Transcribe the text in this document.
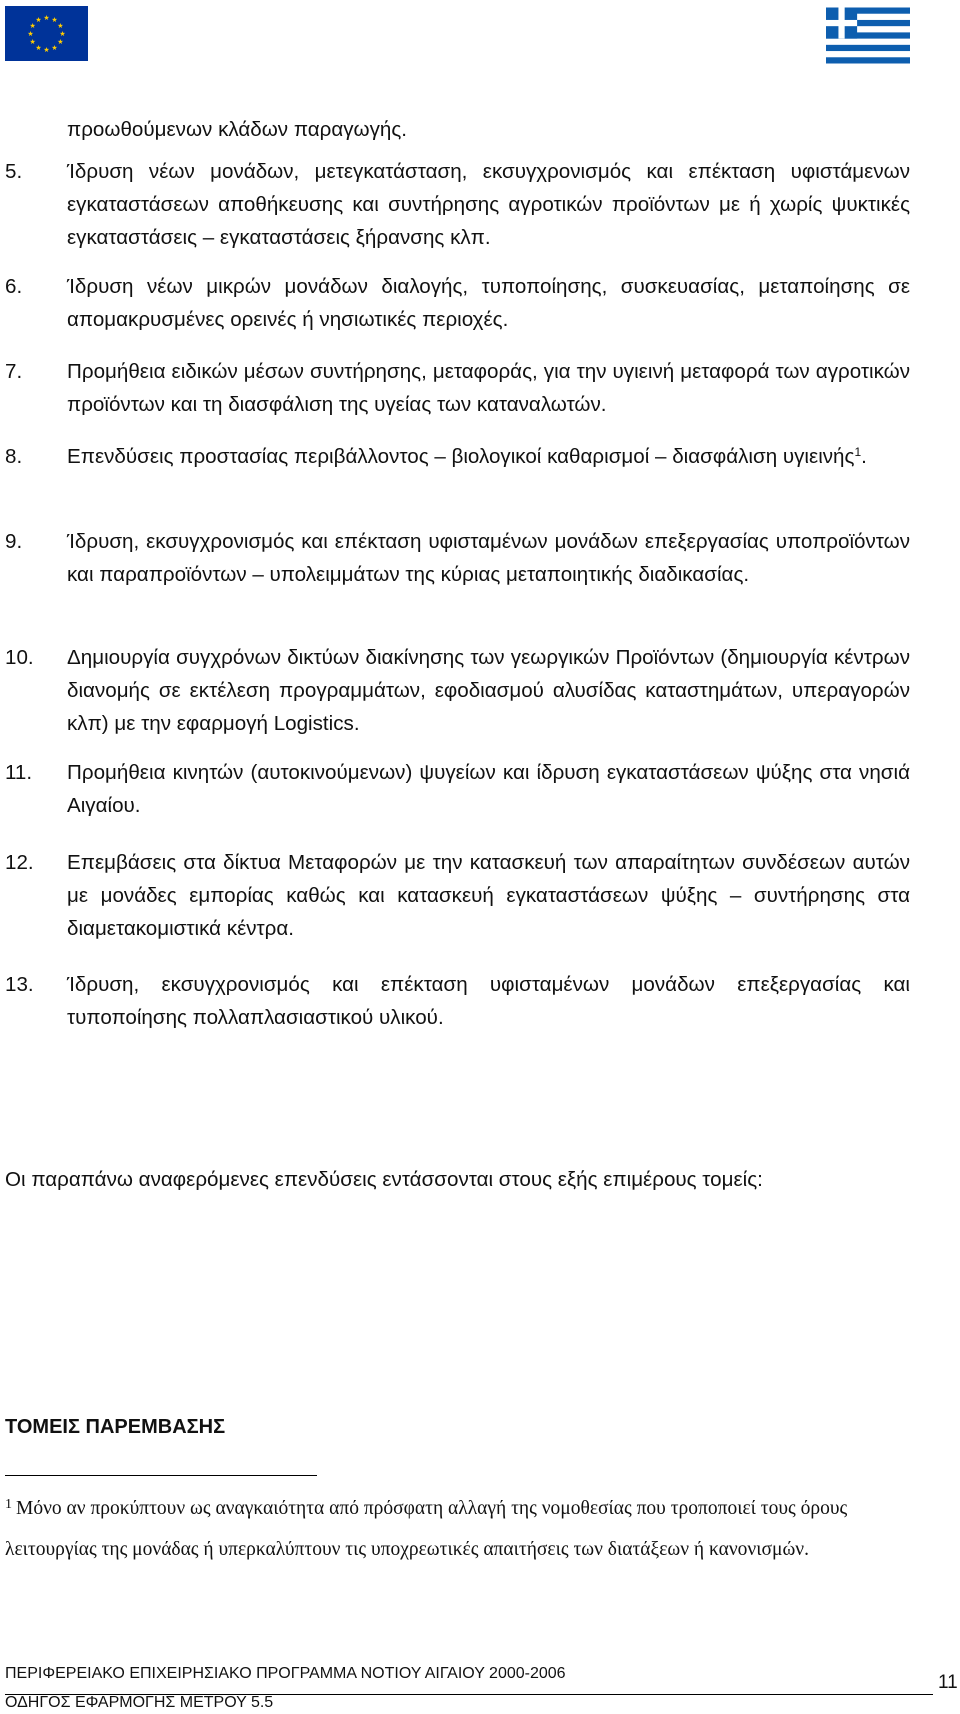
★ ★
★
★
★
★
★
★
★
★
★
★
προωθούμενων κλάδων παραγωγής.
5. Ίδρυση νέων μονάδων, μετεγκατάσταση, εκσυγχρονισμός και επέκταση υφιστάμενων εγκαταστάσεων αποθήκευσης και συντήρησης αγροτικών προϊόντων με ή χωρίς ψυκτικές εγκαταστάσεις – εγκαταστάσεις ξήρανσης κλπ.
6. Ίδρυση νέων μικρών μονάδων διαλογής, τυποποίησης, συσκευασίας, μεταποίησης σε απομακρυσμένες ορεινές ή νησιωτικές περιοχές.
7. Προμήθεια ειδικών μέσων συντήρησης, μεταφοράς, για την υγιεινή μεταφορά των αγροτικών προϊόντων και τη διασφάλιση της υγείας των καταναλωτών.
8. Επενδύσεις προστασίας περιβάλλοντος – βιολογικοί καθαρισμοί – διασφάλιση υγιεινής$^1$.
9. Ίδρυση, εκσυγχρονισμός και επέκταση υφισταμένων μονάδων επεξεργασίας υποπροϊόντων και παραπροϊόντων – υπολειμμάτων της κύριας μεταποιητικής διαδικασίας.
10. Δημιουργία συγχρόνων δικτύων διακίνησης των γεωργικών Προϊόντων (δημιουργία κέντρων διανομής σε εκτέλεση προγραμμάτων, εφοδιασμού αλυσίδας καταστημάτων, υπεραγορών κλπ) με την εφαρμογή Logistics.
11. Προμήθεια κινητών (αυτοκινούμενων) ψυγείων και ίδρυση εγκαταστάσεων ψύξης στα νησιά Αιγαίου.
12. Επεμβάσεις στα δίκτυα Μεταφορών με την κατασκευή των απαραίτητων συνδέσεων αυτών με μονάδες εμπορίας καθώς και κατασκευή εγκαταστάσεων ψύξης – συντήρησης στα διαμετακομιστικά κέντρα.
13. Ίδρυση, εκσυγχρονισμός και επέκταση υφισταμένων μονάδων επεξεργασίας και τυποποίησης πολλαπλασιαστικού υλικού.
Οι παραπάνω αναφερόμενες επενδύσεις εντάσσονται στους εξής επιμέρους τομείς:
ΤΟΜΕΙΣ ΠΑΡΕΜΒΑΣΗΣ
$^1$ Μόνο αν προκύπτουν ως αναγκαιότητα από πρόσφατη αλλαγή της νομοθεσίας που τροποποιεί τους όρους λειτουργίας της μονάδας ή υπερκαλύπτουν τις υποχρεωτικές απαιτήσεις των διατάξεων ή κανονισμών.
ΠΕΡΙΦΕΡΕΙΑΚΟ ΕΠΙΧΕΙΡΗΣΙΑΚΟ ΠΡΟΓΡΑΜΜΑ ΝΟΤΙΟΥ ΑΙΓΑΙΟΥ 2000-2006
ΟΔΗΓΟΣ ΕΦΑΡΜΟΓΗΣ ΜΕΤΡΟΥ 5.5
11
